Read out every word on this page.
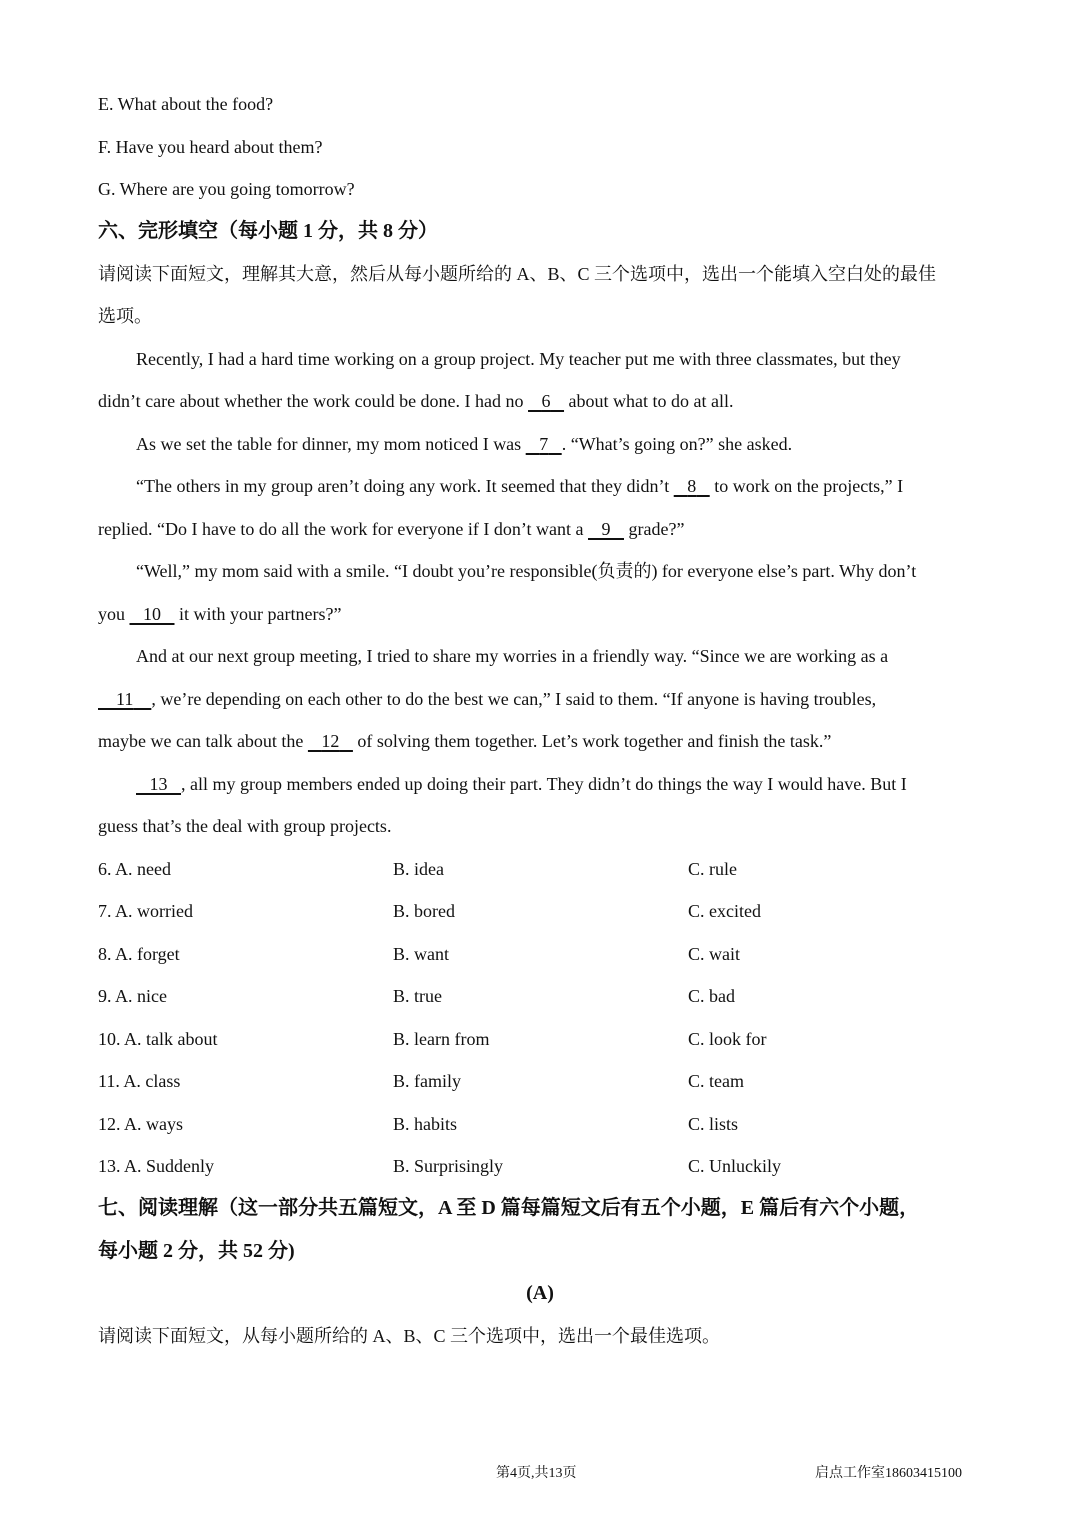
E. What about the food?
F. Have you heard about them?
G. Where are you going tomorrow?
六、完形填空（每小题 1 分，共 8 分）
请阅读下面短文，理解其大意，然后从每小题所给的 A、B、C 三个选项中，选出一个能填入空白处的最佳
选项。
Recently, I had a hard time working on a group project. My teacher put me with three classmates, but they
didn’t care about whether the work could be done. I had no    6    about what to do at all.
As we set the table for dinner, my mom noticed I was    7 . “What’s going on?” she asked.
“The others in my group aren’t doing any work. It seemed that they didn’t    8    to work on the projects,” I
replied. “Do I have to do all the work for everyone if I don’t want a    9    grade?”
“Well,” my mom said with a smile. “I doubt you’re responsible(负责的) for everyone else’s part. Why don’t
you    10    it with your partners?”
And at our next group meeting, I tried to share my worries in a friendly way. “Since we are working as a
11 , we’re depending on each other to do the best we can,” I said to them. “If anyone is having troubles,
maybe we can talk about the    12    of solving them together. Let’s work together and finish the task.”
13 , all my group members ended up doing their part. They didn’t do things the way I would have. But I
guess that’s the deal with group projects.
6. A. need	B. idea	C. rule
7. A. worried	B. bored	C. excited
8. A. forget	B. want	C. wait
9. A. nice	B. true	C. bad
10. A. talk about	B. learn from	C. look for
11. A. class	B. family	C. team
12. A. ways	B. habits	C. lists
13. A. Suddenly	B. Surprisingly	C. Unluckily
七、阅读理解（这一部分共五篇短文，A 至 D 篇每篇短文后有五个小题，E 篇后有六个小题，
每小题 2 分，共 52 分)
(A)
请阅读下面短文，从每小题所给的 A、B、C 三个选项中，选出一个最佳选项。
第4页,共13页	启点工作室18603415100
